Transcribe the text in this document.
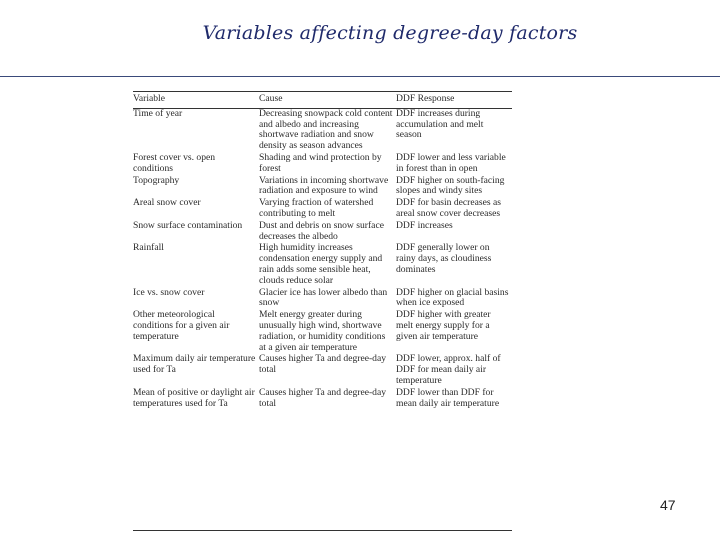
Variables affecting degree-day factors
Variable	Cause	DDF Response
Time of year	Decreasing snowpack cold content and albedo and increasing shortwave radiation and snow density as season advances	DDF increases during accumulation and melt season
Forest cover vs. open conditions	Shading and wind protection by forest	DDF lower and less variable in forest than in open
Topography	Variations in incoming shortwave radiation and exposure to wind	DDF higher on south-facing slopes and windy sites
Areal snow cover	Varying fraction of watershed contributing to melt	DDF for basin decreases as areal snow cover decreases
Snow surface contamination	Dust and debris on snow surface decreases the albedo	DDF increases
Rainfall	High humidity increases condensation energy supply and rain adds some sensible heat, clouds reduce solar	DDF generally lower on rainy days, as cloudiness dominates
Ice vs. snow cover	Glacier ice has lower albedo than snow	DDF higher on glacial basins when ice exposed
Other meteorological conditions for a given air temperature	Melt energy greater during unusually high wind, shortwave radiation, or humidity conditions at a given air temperature	DDF higher with greater melt energy supply for a given air temperature
Maximum daily air temperature used for Ta	Causes higher Ta and degree-day total	DDF lower, approx. half of DDF for mean daily air temperature
Mean of positive or daylight air temperatures used for Ta	Causes higher Ta and degree-day total	DDF lower than DDF for mean daily air temperature
47
